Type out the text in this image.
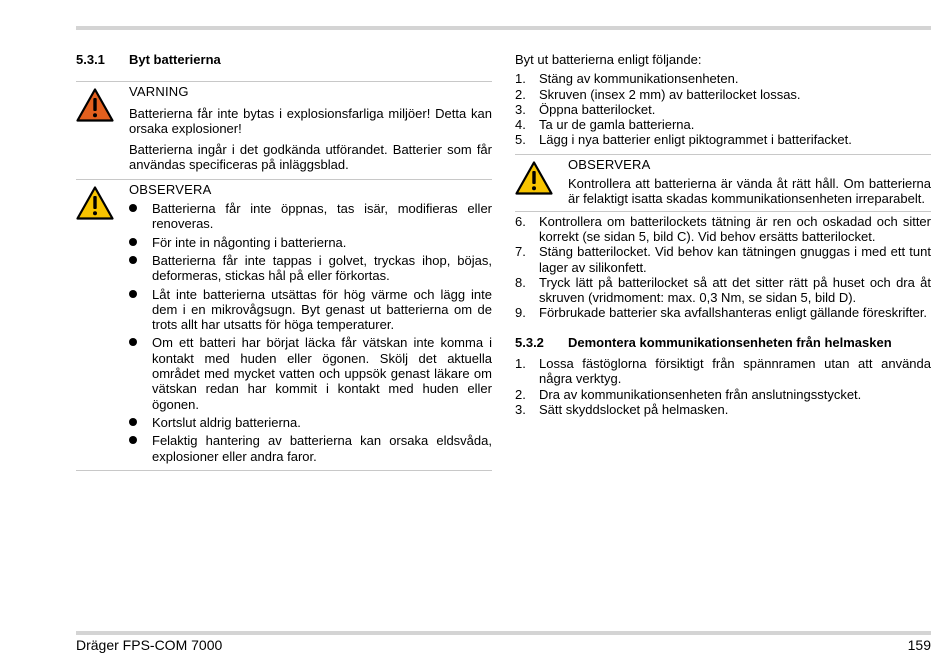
5.3.1	Byt batterierna
VARNING

Batterierna får inte bytas i explosionsfarliga miljöer! Detta kan orsaka explosioner!

Batterierna ingår i det godkända utförandet. Batterier som får användas specificeras på inläggsblad.

OBSERVERA
Batterierna får inte öppnas, tas isär, modifieras eller renoveras.
För inte in någonting i batterierna.
Batterierna får inte tappas i golvet, tryckas ihop, böjas, deformeras, stickas hål på eller förkortas.
Låt inte batterierna utsättas för hög värme och lägg inte dem i en mikrovågsugn. Byt genast ut batterierna om de trots allt har utsatts för höga temperaturer.
Om ett batteri har börjat läcka får vätskan inte komma i kontakt med huden eller ögonen. Skölj det aktuella området med mycket vatten och uppsök genast läkare om vätskan redan har kommit i kontakt med huden eller ögonen.
Kortslut aldrig batterierna.
Felaktig hantering av batterierna kan orsaka eldsvåda, explosioner eller andra faror.
Byt ut batterierna enligt följande:
1.	Stäng av kommunikationsenheten.
2.	Skruven (insex 2 mm) av batterilocket lossas.
3.	Öppna batterilocket.
4.	Ta ur de gamla batterierna.
5.	Lägg i nya batterier enligt piktogrammet i batterifacket.
OBSERVERA

Kontrollera att batterierna är vända åt rätt håll. Om batterierna är felaktigt isatta skadas kommunikationsenheten irreparabelt.

6.	Kontrollera om batterilockets tätning är ren och oskadad och sitter korrekt (se sidan 5, bild C). Vid behov ersätts batterilocket.
7.	Stäng batterilocket. Vid behov kan tätningen gnuggas i med ett tunt lager av silikonfett.
8.	Tryck lätt på batterilocket så att det sitter rätt på huset och dra åt skruven (vridmoment: max. 0,3 Nm, se sidan 5, bild D).
9.	Förbrukade batterier ska avfallshanteras enligt gällande föreskrifter.
5.3.2	Demontera kommunikationsenheten från helmasken
1.	Lossa fästöglorna försiktigt från spännramen utan att använda några verktyg.
2.	Dra av kommunikationsenheten från anslutningsstycket.
3.	Sätt skyddslocket på helmasken.
Dräger FPS-COM 7000	159
